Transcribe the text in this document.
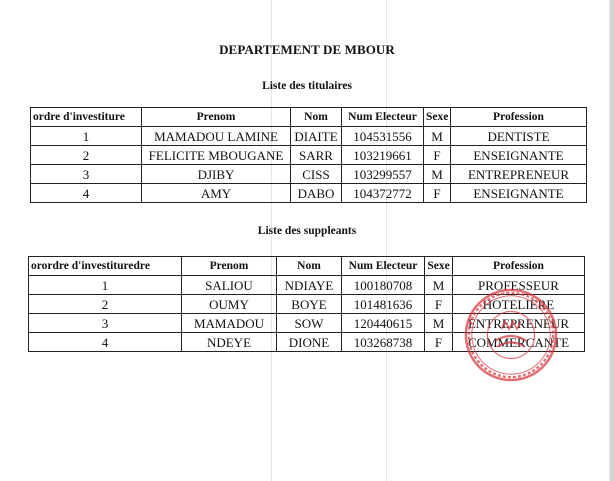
DEPARTEMENT DE MBOUR
Liste des titulaires
ordre d'investiture	Prenom	Nom	Num Electeur	Sexe	Profession
1	MAMADOU LAMINE	DIAITE	104531556	M	DENTISTE
2	FELICITE MBOUGANE	SARR	103219661	F	ENSEIGNANTE
3	DJIBY	CISS	103299557	M	ENTREPRENEUR
4	AMY	DABO	104372772	F	ENSEIGNANTE
Liste des suppleants
orordre d'investituredre	Prenom	Nom	Num Electeur	Sexe	Profession
1	SALIOU	NDIAYE	100180708	M	PROFESSEUR
2	OUMY	BOYE	101481636	F	HOTELIERE
3	MAMADOU	SOW	120440615	M	ENTREPRENEUR
4	NDEYE	DIONE	103268738	F	COMMERCANTE
